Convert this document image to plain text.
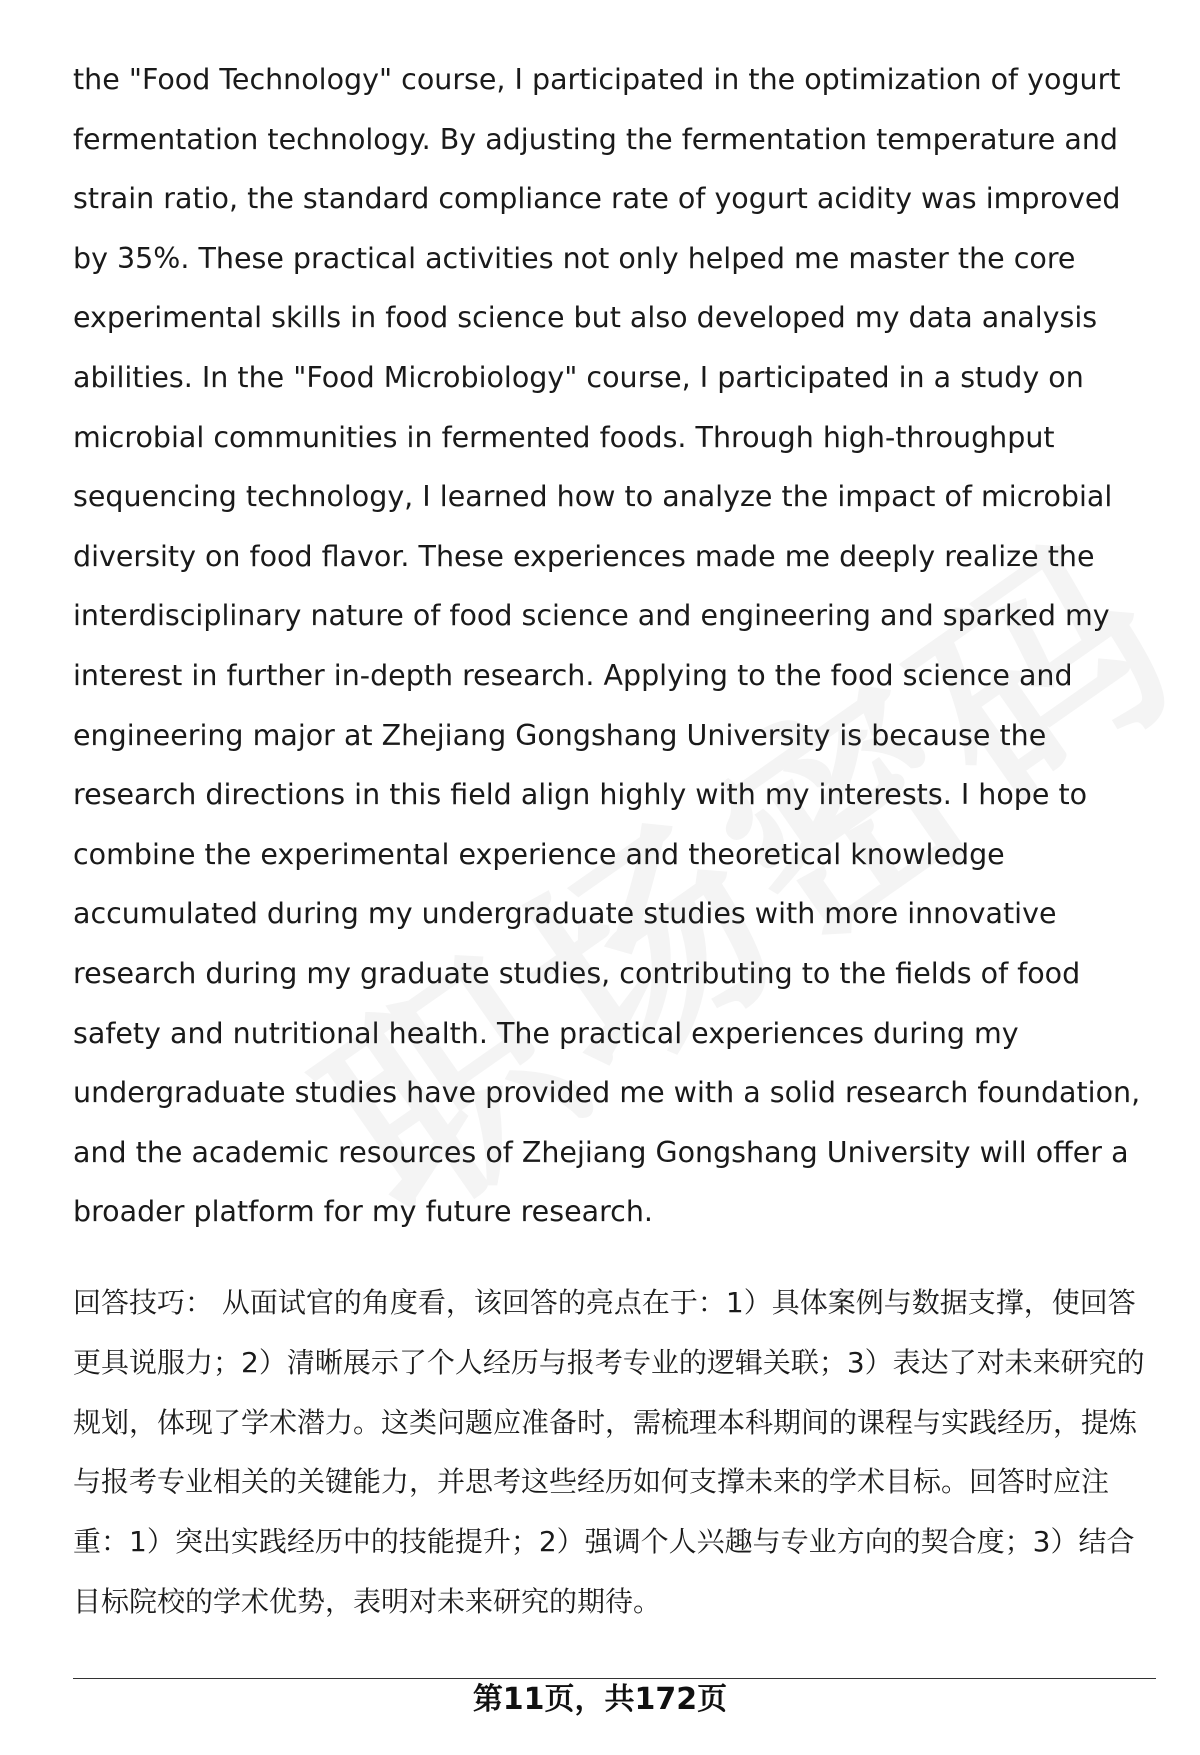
the "Food Technology" course, I participated in the optimization of yogurt fermentation technology. By adjusting the fermentation temperature and strain ratio, the standard compliance rate of yogurt acidity was improved by 35%. These practical activities not only helped me master the core experimental skills in food science but also developed my data analysis abilities. In the "Food Microbiology" course, I participated in a study on microbial communities in fermented foods. Through high-throughput sequencing technology, I learned how to analyze the impact of microbial diversity on food flavor. These experiences made me deeply realize the interdisciplinary nature of food science and engineering and sparked my interest in further in-depth research. Applying to the food science and engineering major at Zhejiang Gongshang University is because the research directions in this field align highly with my interests. I hope to combine the experimental experience and theoretical knowledge accumulated during my undergraduate studies with more innovative research during my graduate studies, contributing to the fields of food safety and nutritional health. The practical experiences during my undergraduate studies have provided me with a solid research foundation, and the academic resources of Zhejiang Gongshang University will offer a broader platform for my future research.

回答技巧： 从面试官的角度看，该回答的亮点在于：1）具体案例与数据支撑，使回答更具说服力；2）清晰展示了个人经历与报考专业的逻辑关联；3）表达了对未来研究的规划，体现了学术潜力。这类问题应准备时，需梳理本科期间的课程与实践经历，提炼与报考专业相关的关键能力，并思考这些经历如何支撑未来的学术目标。回答时应注重：1）突出实践经历中的技能提升；2）强调个人兴趣与专业方向的契合度；3）结合目标院校的学术优势，表明对未来研究的期待。

第11页，共172页
